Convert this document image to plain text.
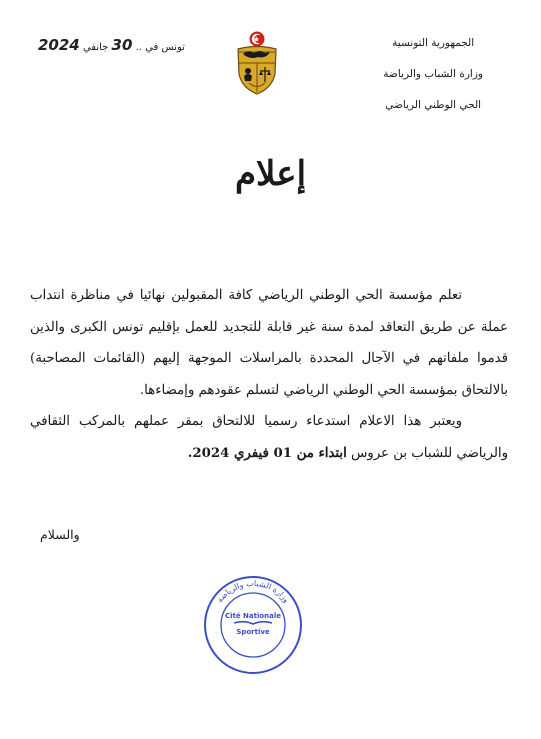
الجمهورية التونسية
وزارة الشباب والرياضة
الحي الوطني الرياضي
تونس في .. 30 جانفي 2024
إعلام

تعلم مؤسسة الحي الوطني الرياضي كافة المقبولين نهائيا في مناظرة انتداب عملة عن طريق التعاقد لمدة سنة غير قابلة للتجديد للعمل بإقليم تونس الكبرى والذين قدموا ملفاتهم في الآجال المحددة بالمراسلات الموجهة إليهم (القائمات المصاحبة) بالالتحاق بمؤسسة الحي الوطني الرياضي لتسلم عقودهم وإمضاءها.

ويعتبر هذا الاعلام استدعاء رسميا للالتحاق بمقر عملهم بالمركب الثقافي والرياضي للشباب بن عروس ابتداء من 01 فيفري 2024.

والسلام
وزارة الشباب والرياضة
Cité Nationale
Sportive
